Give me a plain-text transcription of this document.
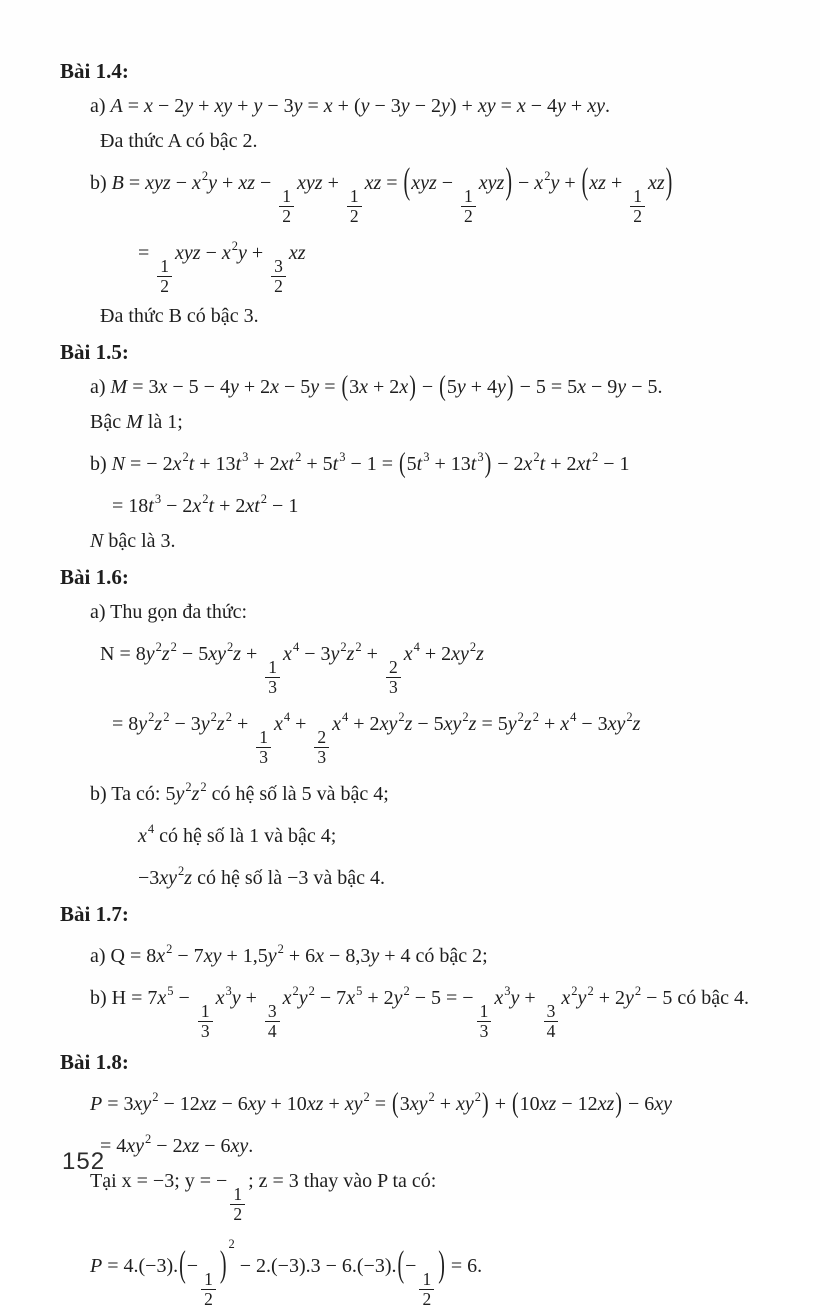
Bài 1.4:
a) A = x − 2y + xy + y − 3y = x + (y − 3y − 2y) + xy = x − 4y + xy.
Đa thức A có bậc 2.
b) B = xyz − x2y + xz −
$\frac{1}{2}$
xyz +
$\frac{1}{2}$
xz = (xyz −
$\frac{1}{2}$
xyz) − x2y + (xz +
$\frac{1}{2}$
xz)
=
$\frac{1}{2}$
xyz − x2y +
$\frac{3}{2}$
xz
Đa thức B có bậc 3.
Bài 1.5:
a) M = 3x − 5 − 4y + 2x − 5y = (3x + 2x) − (5y + 4y) − 5 = 5x − 9y − 5.
Bậc M là 1;
b) N = − 2x2t + 13t3 + 2xt2 + 5t3 − 1 = (5t3 + 13t3) − 2x2t + 2xt2 − 1
= 18t3 − 2x2t + 2xt2 − 1
N bậc là 3.
Bài 1.6:
a) Thu gọn đa thức:
N = 8y2z2 − 5xy2z +
$\frac{1}{3}$
x4 − 3y2z2 +
$\frac{2}{3}$
x4 + 2xy2z
= 8y2z2 − 3y2z2 +
$\frac{1}{3}$
x4 +
$\frac{2}{3}$
x4 + 2xy2z − 5xy2z = 5y2z2 + x4 − 3xy2z
b) Ta có: 5y2z2 có hệ số là 5 và bậc 4;
x4 có hệ số là 1 và bậc 4;
−3xy2z có hệ số là −3 và bậc 4.
Bài 1.7:
a) Q = 8x2 − 7xy + 1,5y2 + 6x − 8,3y + 4 có bậc 2;
b) H = 7x5 −
$\frac{1}{3}$
x3y +
$\frac{3}{4}$
x2y2 − 7x5 + 2y2 − 5 = −
$\frac{1}{3}$
x3y +
$\frac{3}{4}$
x2y2 + 2y2 − 5 có bậc 4.
Bài 1.8:
P = 3xy2 − 12xz − 6xy + 10xz + xy2 = (3xy2 + xy2) + (10xz − 12xz) − 6xy
= 4xy2 − 2xz − 6xy.
Tại x = −3; y = −
$\frac{1}{2}$
; z = 3 thay vào P ta có:
P = 4.(−3).(−
$\frac{1}{2}$
)2 − 2.(−3).3 − 6.(−3).(−
$\frac{1}{2}$
) = 6.
152
